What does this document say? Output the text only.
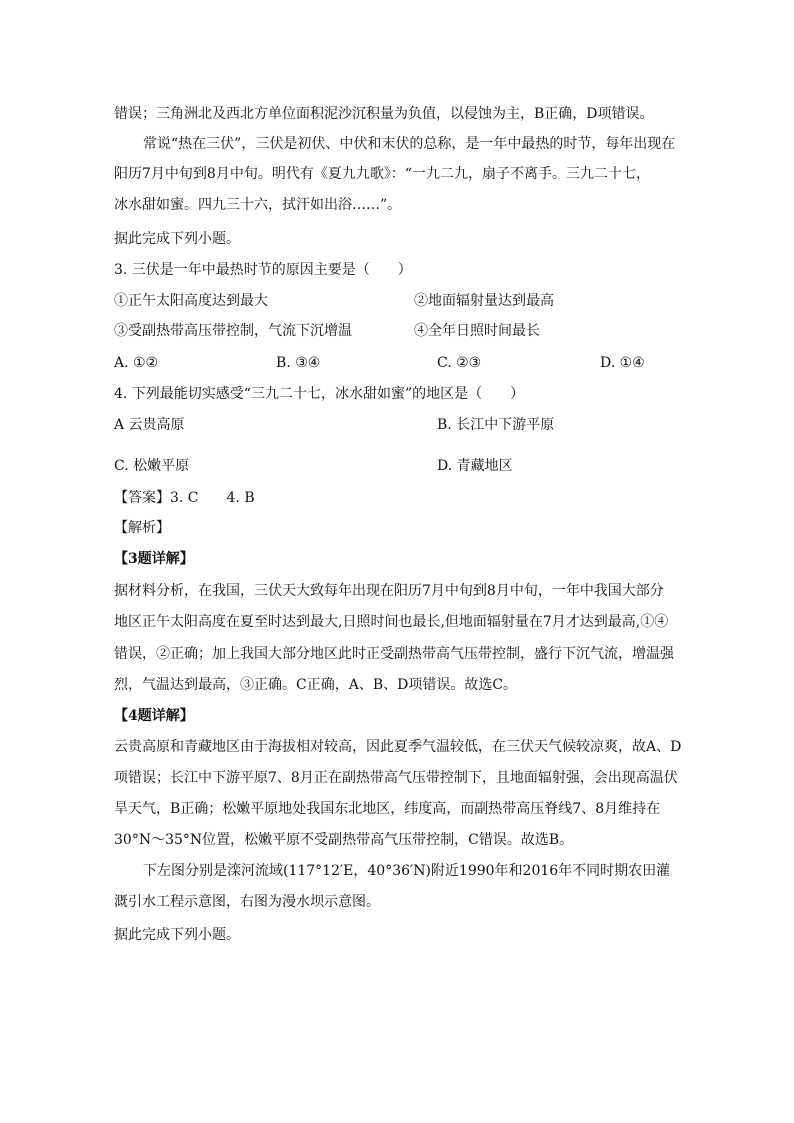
错误；三角洲北及西北方单位面积泥沙沉积量为负值，以侵蚀为主，B正确，D项错误。
常说“热在三伏”，三伏是初伏、中伏和末伏的总称，是一年中最热的时节，每年出现在
阳历7月中旬到8月中旬。明代有《夏九九歌》：“一九二九，扇子不离手。三九二十七，
冰水甜如蜜。四九三十六，拭汗如出浴……”。
据此完成下列小题。
3. 三伏是一年中最热时节的原因主要是（　　）
①正午太阳高度达到最大	②地面辐射量达到最高
③受副热带高压带控制，气流下沉增温	④全年日照时间最长
A. ①②	B. ③④	C. ②③	D. ①④
4. 下列最能切实感受“三九二十七，冰水甜如蜜”的地区是（　　）
A 云贵高原	B. 长江中下游平原
C. 松嫩平原	D. 青藏地区
【答案】3. C　　4. B
【解析】
【3题详解】
据材料分析，在我国，三伏天大致每年出现在阳历7月中旬到8月中旬，一年中我国大部分
地区正午太阳高度在夏至时达到最大,日照时间也最长,但地面辐射量在7月才达到最高,①④
错误，②正确；加上我国大部分地区此时正受副热带高气压带控制，盛行下沉气流，增温强
烈，气温达到最高，③正确。C正确，A、B、D项错误。故选C。
【4题详解】
云贵高原和青藏地区由于海拔相对较高，因此夏季气温较低，在三伏天气候较凉爽，故A、D
项错误；长江中下游平原7、8月正在副热带高气压带控制下，且地面辐射强，会出现高温伏
旱天气，B正确；松嫩平原地处我国东北地区，纬度高，而副热带高压脊线7、8月维持在
30°N～35°N位置，松嫩平原不受副热带高气压带控制，C错误。故选B。
下左图分别是滦河流域(117°12′E，40°36′N)附近1990年和2016年不同时期农田灌
溉引水工程示意图，右图为漫水坝示意图。
据此完成下列小题。
